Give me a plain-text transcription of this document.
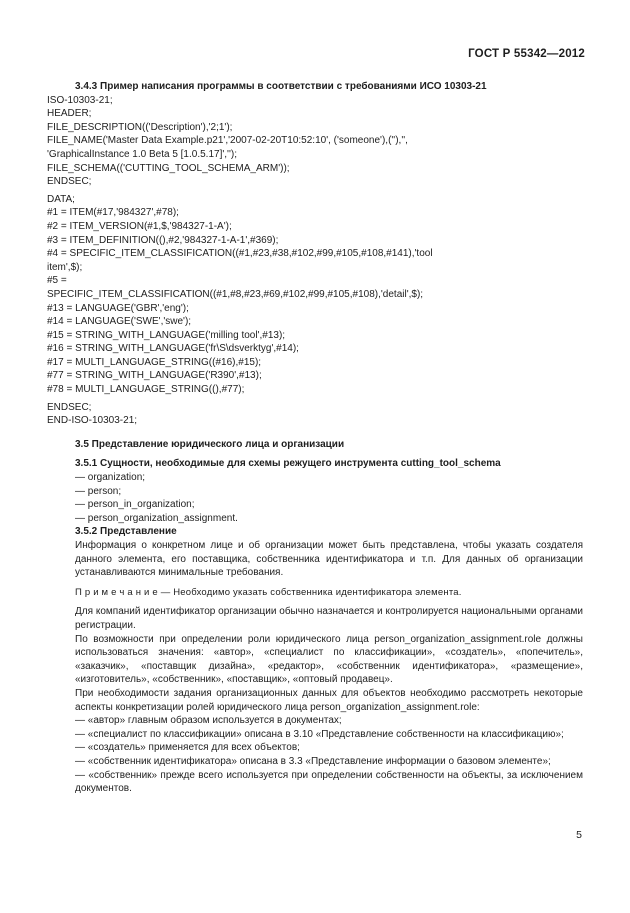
ГОСТ Р 55342—2012
3.4.3 Пример написания программы в соответствии с требованиями ИСО 10303-21
ISO-10303-21;
HEADER;
FILE_DESCRIPTION(('Description'),'2;1');
FILE_NAME('Master Data Example.p21','2007-02-20T10:52:10', ('someone'),(''),'',
'GraphicalInstance 1.0 Beta 5 [1.0.5.17]','');
FILE_SCHEMA(('CUTTING_TOOL_SCHEMA_ARM'));
ENDSEC;
DATA;
#1 = ITEM(#17,'984327',#78);
#2 = ITEM_VERSION(#1,$,'984327-1-A');
#3 = ITEM_DEFINITION((),#2,'984327-1-A-1',#369);
#4 = SPECIFIC_ITEM_CLASSIFICATION((#1,#23,#38,#102,#99,#105,#108,#141),'tool
item',$);
#5 =
SPECIFIC_ITEM_CLASSIFICATION((#1,#8,#23,#69,#102,#99,#105,#108),'detail',$);
#13 = LANGUAGE('GBR','eng');
#14 = LANGUAGE('SWE','swe');
#15 = STRING_WITH_LANGUAGE('milling tool',#13);
#16 = STRING_WITH_LANGUAGE('fr\S\dsverktyg',#14);
#17 = MULTI_LANGUAGE_STRING((#16),#15);
#77 = STRING_WITH_LANGUAGE('R390',#13);
#78 = MULTI_LANGUAGE_STRING((),#77);
ENDSEC;
END-ISO-10303-21;
3.5 Представление юридического лица и организации
3.5.1 Сущности, необходимые для схемы режущего инструмента cutting_tool_schema
— organization;
— person;
— person_in_organization;
— person_organization_assignment.
3.5.2 Представление
Информация о конкретном лице и об организации может быть представлена, чтобы указать создателя данного элемента, его поставщика, собственника идентификатора и т.п. Для данных об организации устанавливаются минимальные требования.
П р и м е ч а н и е — Необходимо указать собственника идентификатора элемента.
Для компаний идентификатор организации обычно назначается и контролируется национальными органами регистрации.
По возможности при определении роли юридического лица person_organization_assignment.role должны использоваться значения: «автор», «специалист по классификации», «создатель», «попечитель», «заказчик», «поставщик дизайна», «редактор», «собственник идентификатора», «размещение», «изготовитель», «собственник», «поставщик», «оптовый продавец».
При необходимости задания организационных данных для объектов необходимо рассмотреть некоторые аспекты конкретизации ролей юридического лица person_organization_assignment.role:
— «автор» главным образом используется в документах;
— «специалист по классификации» описана в 3.10 «Представление собственности на классификацию»;
— «создатель» применяется для всех объектов;
— «собственник идентификатора» описана в 3.3 «Представление информации о базовом элементе»;
— «собственник» прежде всего используется при определении собственности на объекты, за исключением документов.
5
